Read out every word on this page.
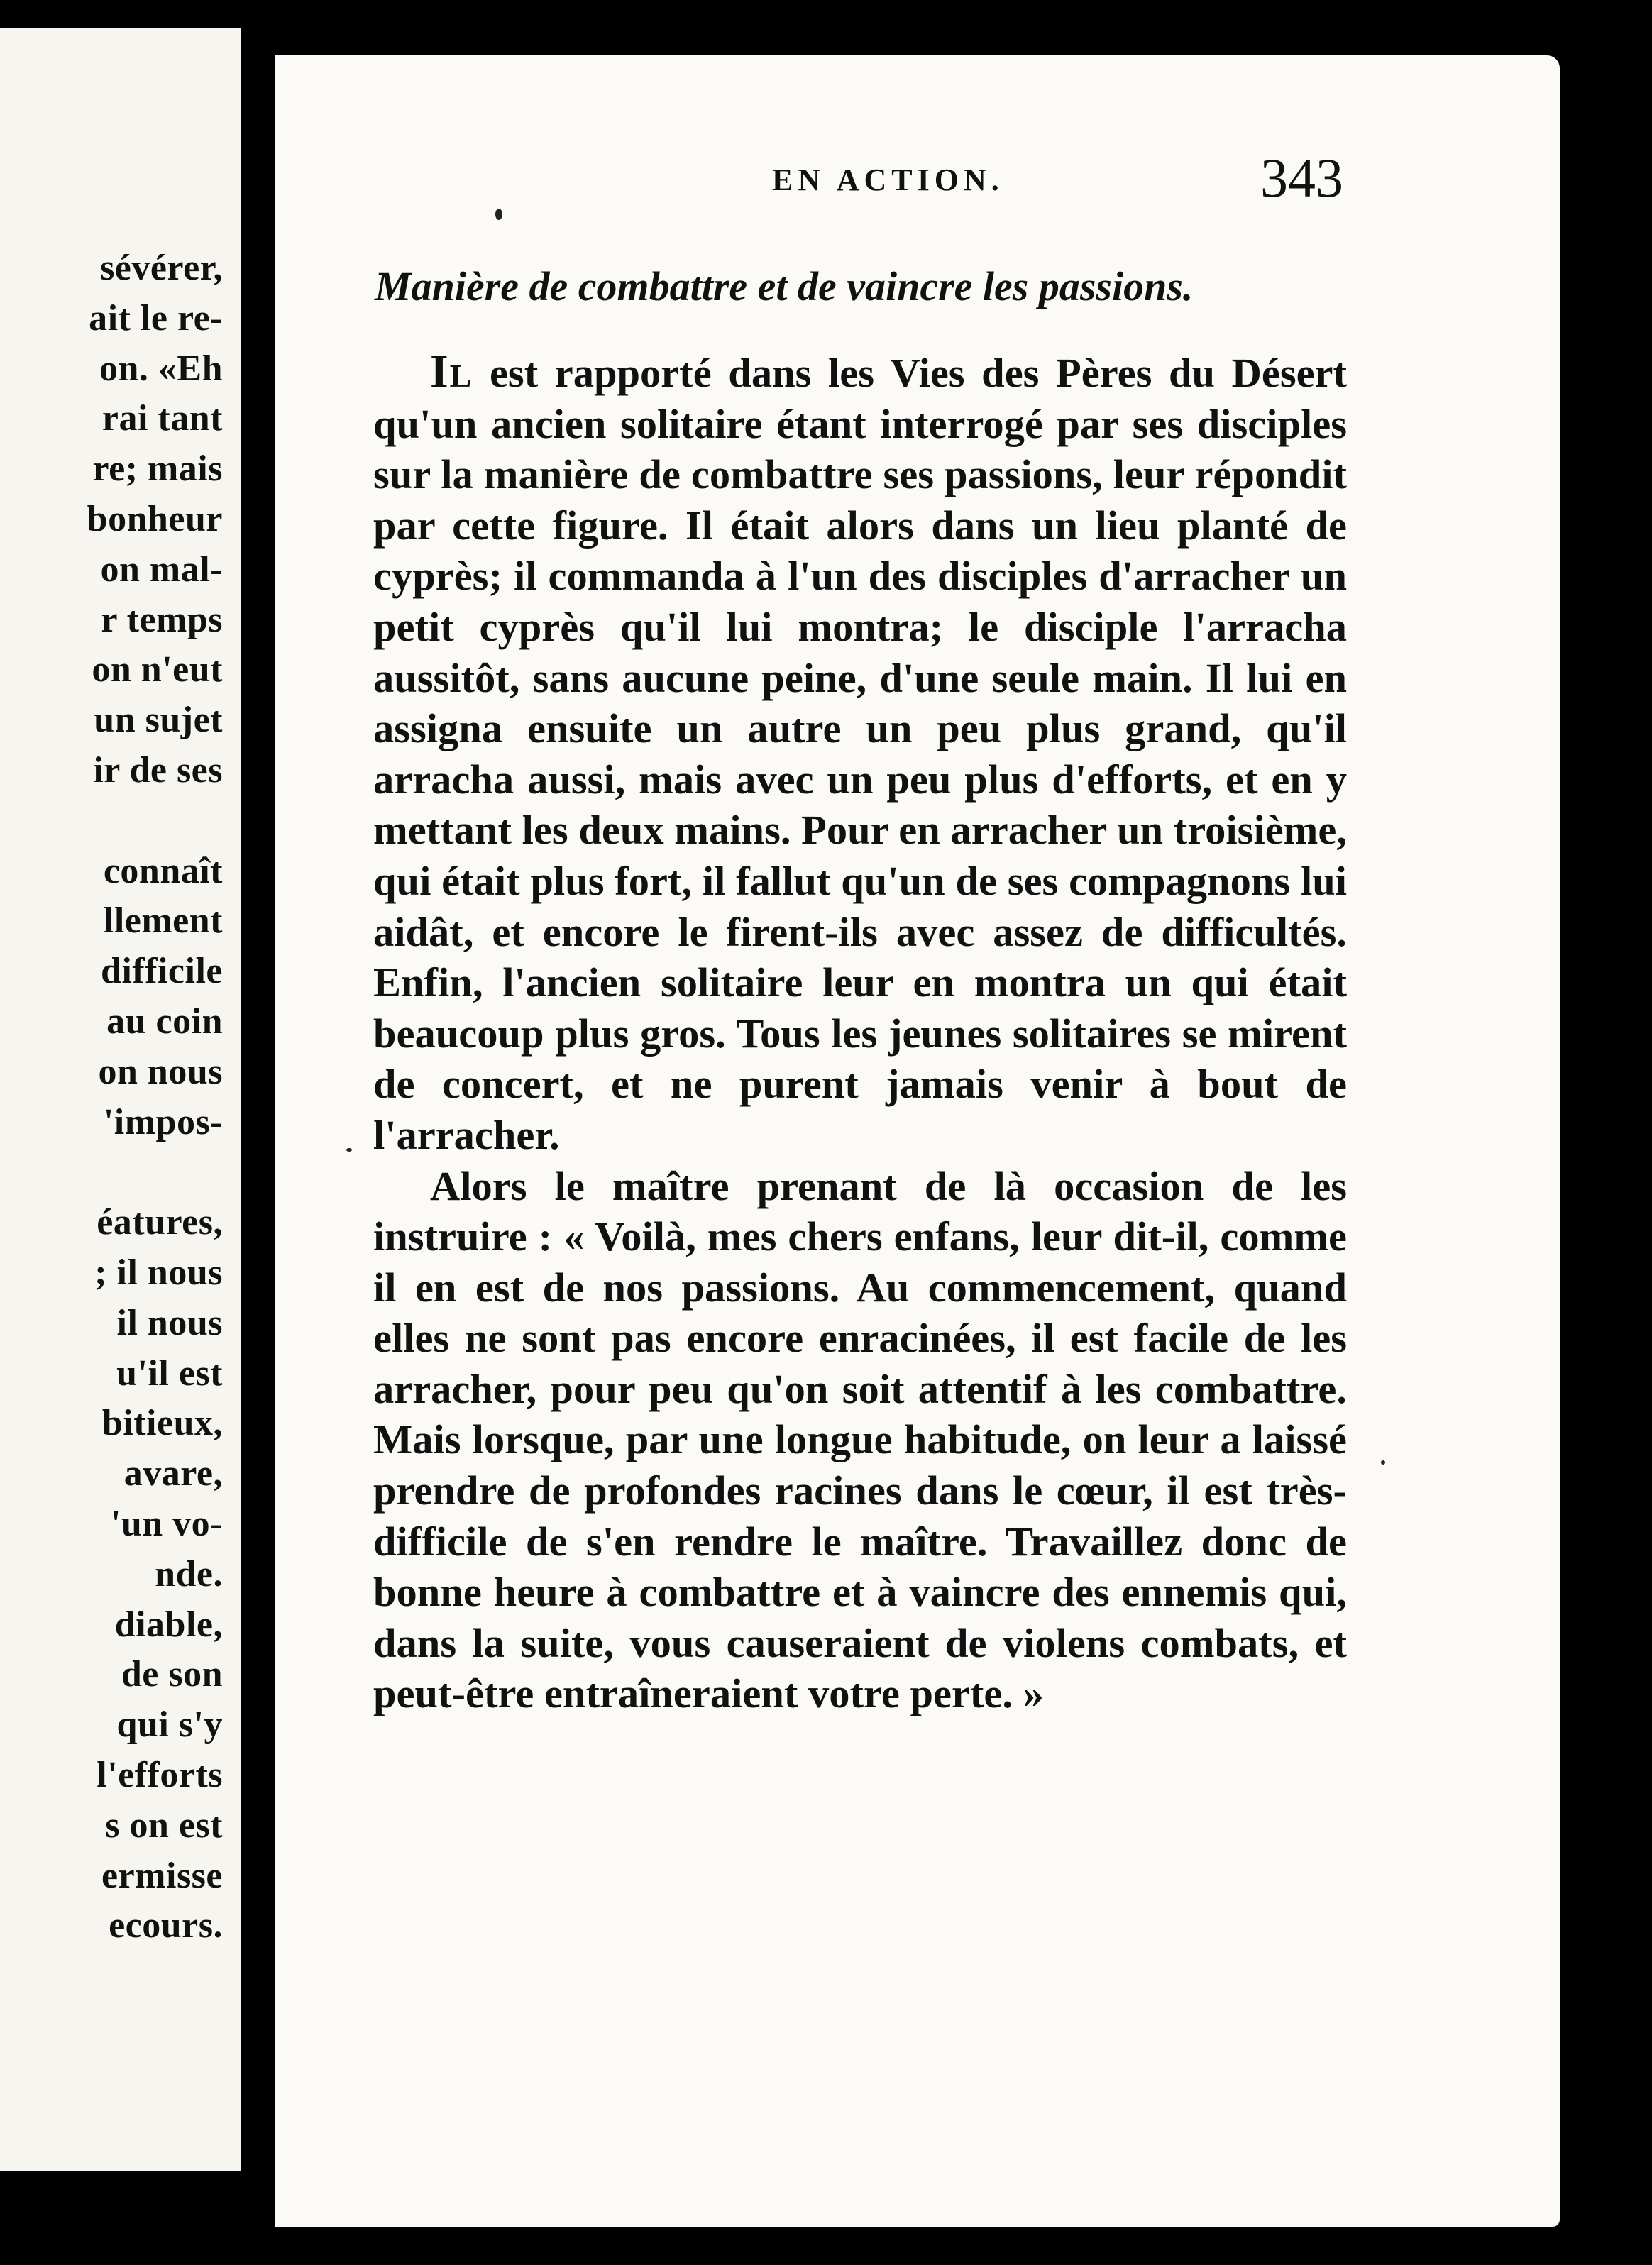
sévérer,
ait le re-
on. «Eh
rai tant
re; mais
bonheur
on mal-
r temps
on n'eut
un sujet
ir de ses
connaît
llement
difficile
au coin
on nous
'impos-
éatures,
; il nous
il nous
u'il est
bitieux,
avare,
'un vo-
nde.
diable,
de son
qui s'y
l'efforts
s on est
ermisse
ecours.
EN ACTION.	343
Manière de combattre et de vaincre les passions.

Il est rapporté dans les Vies des Pères du Désert qu'un ancien solitaire étant interrogé par ses disciples sur la manière de combattre ses passions, leur répondit par cette figure. Il était alors dans un lieu planté de cyprès; il commanda à l'un des disciples d'arracher un petit cyprès qu'il lui montra; le disciple l'arracha aussitôt, sans aucune peine, d'une seule main. Il lui en assigna ensuite un autre un peu plus grand, qu'il arracha aussi, mais avec un peu plus d'efforts, et en y mettant les deux mains. Pour en arracher un troisième, qui était plus fort, il fallut qu'un de ses compagnons lui aidât, et encore le firent-ils avec assez de difficultés. Enfin, l'ancien solitaire leur en montra un qui était beaucoup plus gros. Tous les jeunes solitaires se mirent de concert, et ne purent jamais venir à bout de l'arracher.

Alors le maître prenant de là occasion de les instruire : « Voilà, mes chers enfans, leur dit-il, comme il en est de nos passions. Au commencement, quand elles ne sont pas encore enracinées, il est facile de les arracher, pour peu qu'on soit attentif à les combattre. Mais lorsque, par une longue habitude, on leur a laissé prendre de profondes racines dans le cœur, il est très-difficile de s'en rendre le maître. Travaillez donc de bonne heure à combattre et à vaincre des ennemis qui, dans la suite, vous causeraient de violens combats, et peut-être entraîneraient votre perte. »
